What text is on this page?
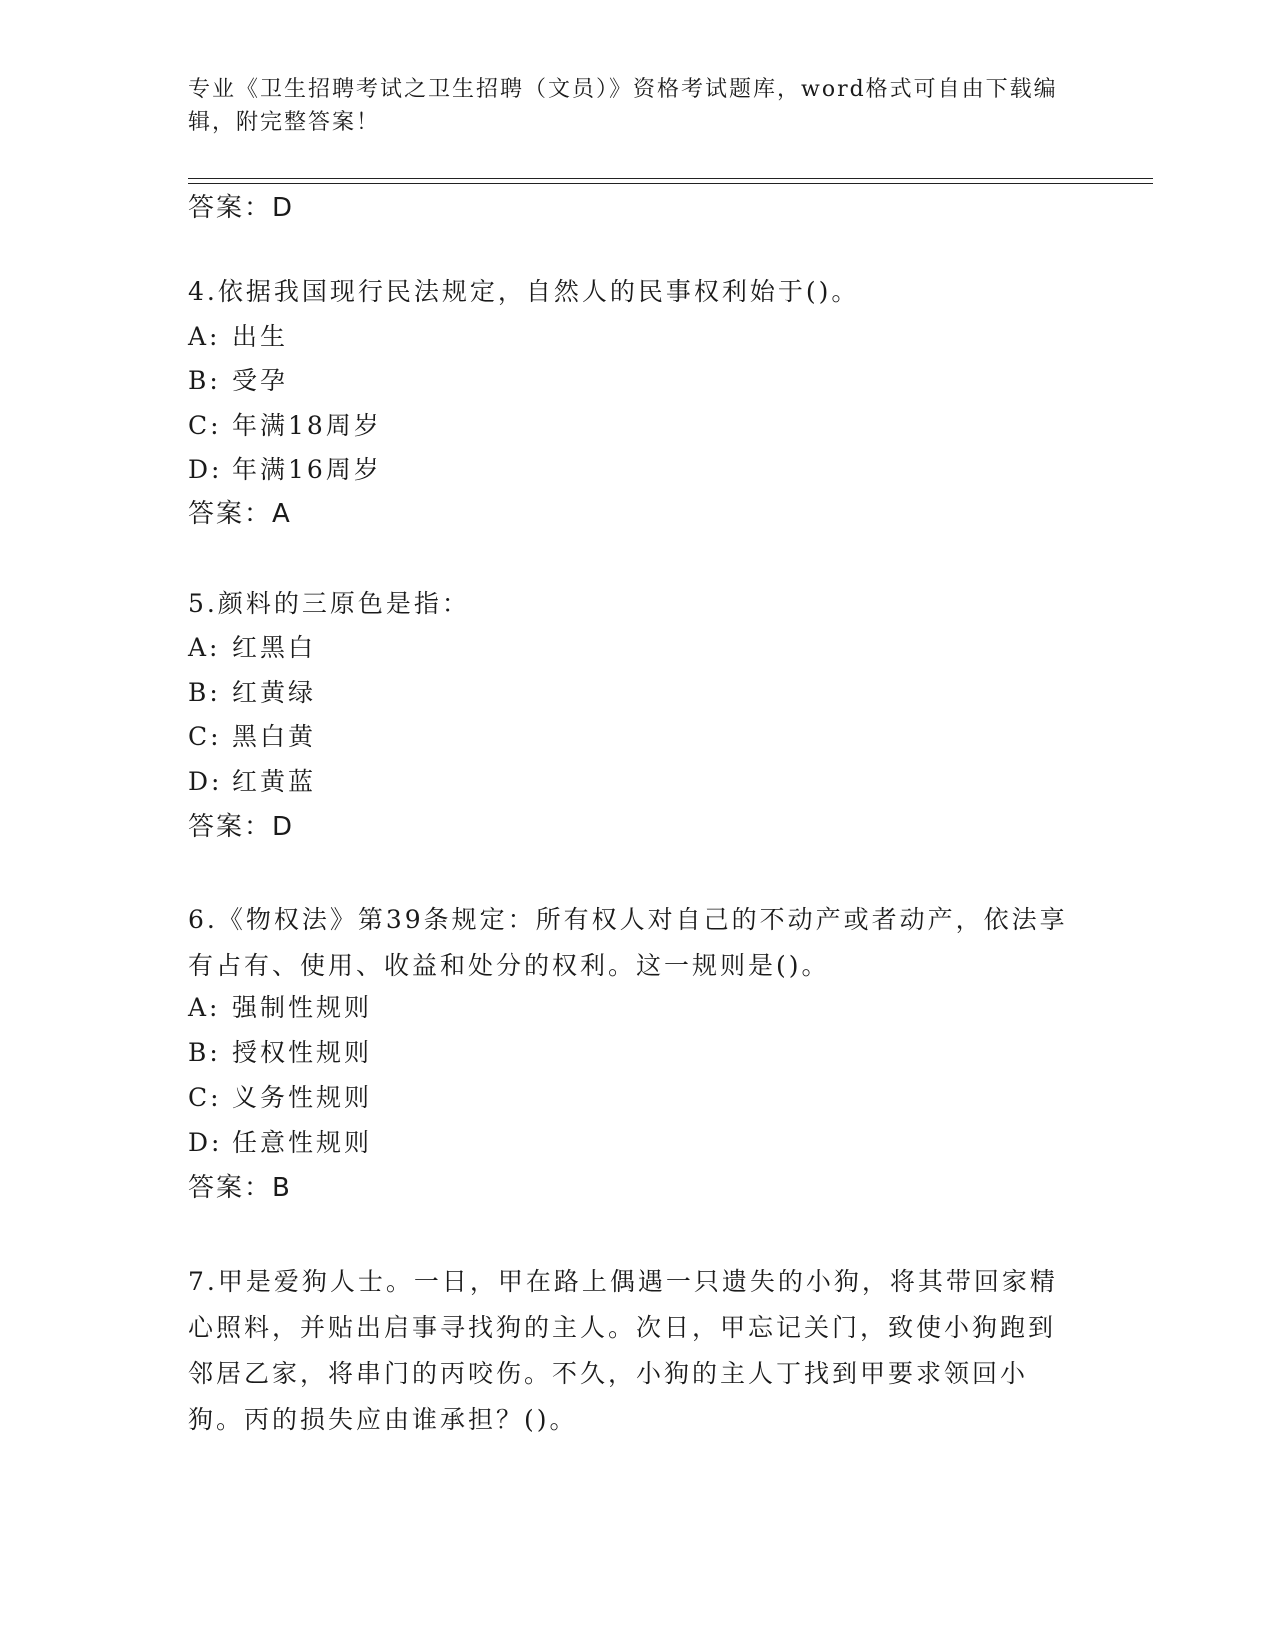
专业《卫生招聘考试之卫生招聘（文员）》资格考试题库，word格式可自由下载编辑，附完整答案！
答案：D
4.依据我国现行民法规定，自然人的民事权利始于()。
A: 出生
B: 受孕
C: 年满18周岁
D: 年满16周岁
答案：A
5.颜料的三原色是指：
A: 红黑白
B: 红黄绿
C: 黑白黄
D: 红黄蓝
答案：D
6.《物权法》第39条规定：所有权人对自己的不动产或者动产，依法享有占有、使用、收益和处分的权利。这一规则是()。
A: 强制性规则
B: 授权性规则
C: 义务性规则
D: 任意性规则
答案：B
7.甲是爱狗人士。一日，甲在路上偶遇一只遗失的小狗，将其带回家精心照料，并贴出启事寻找狗的主人。次日，甲忘记关门，致使小狗跑到邻居乙家，将串门的丙咬伤。不久，小狗的主人丁找到甲要求领回小狗。丙的损失应由谁承担？()。
